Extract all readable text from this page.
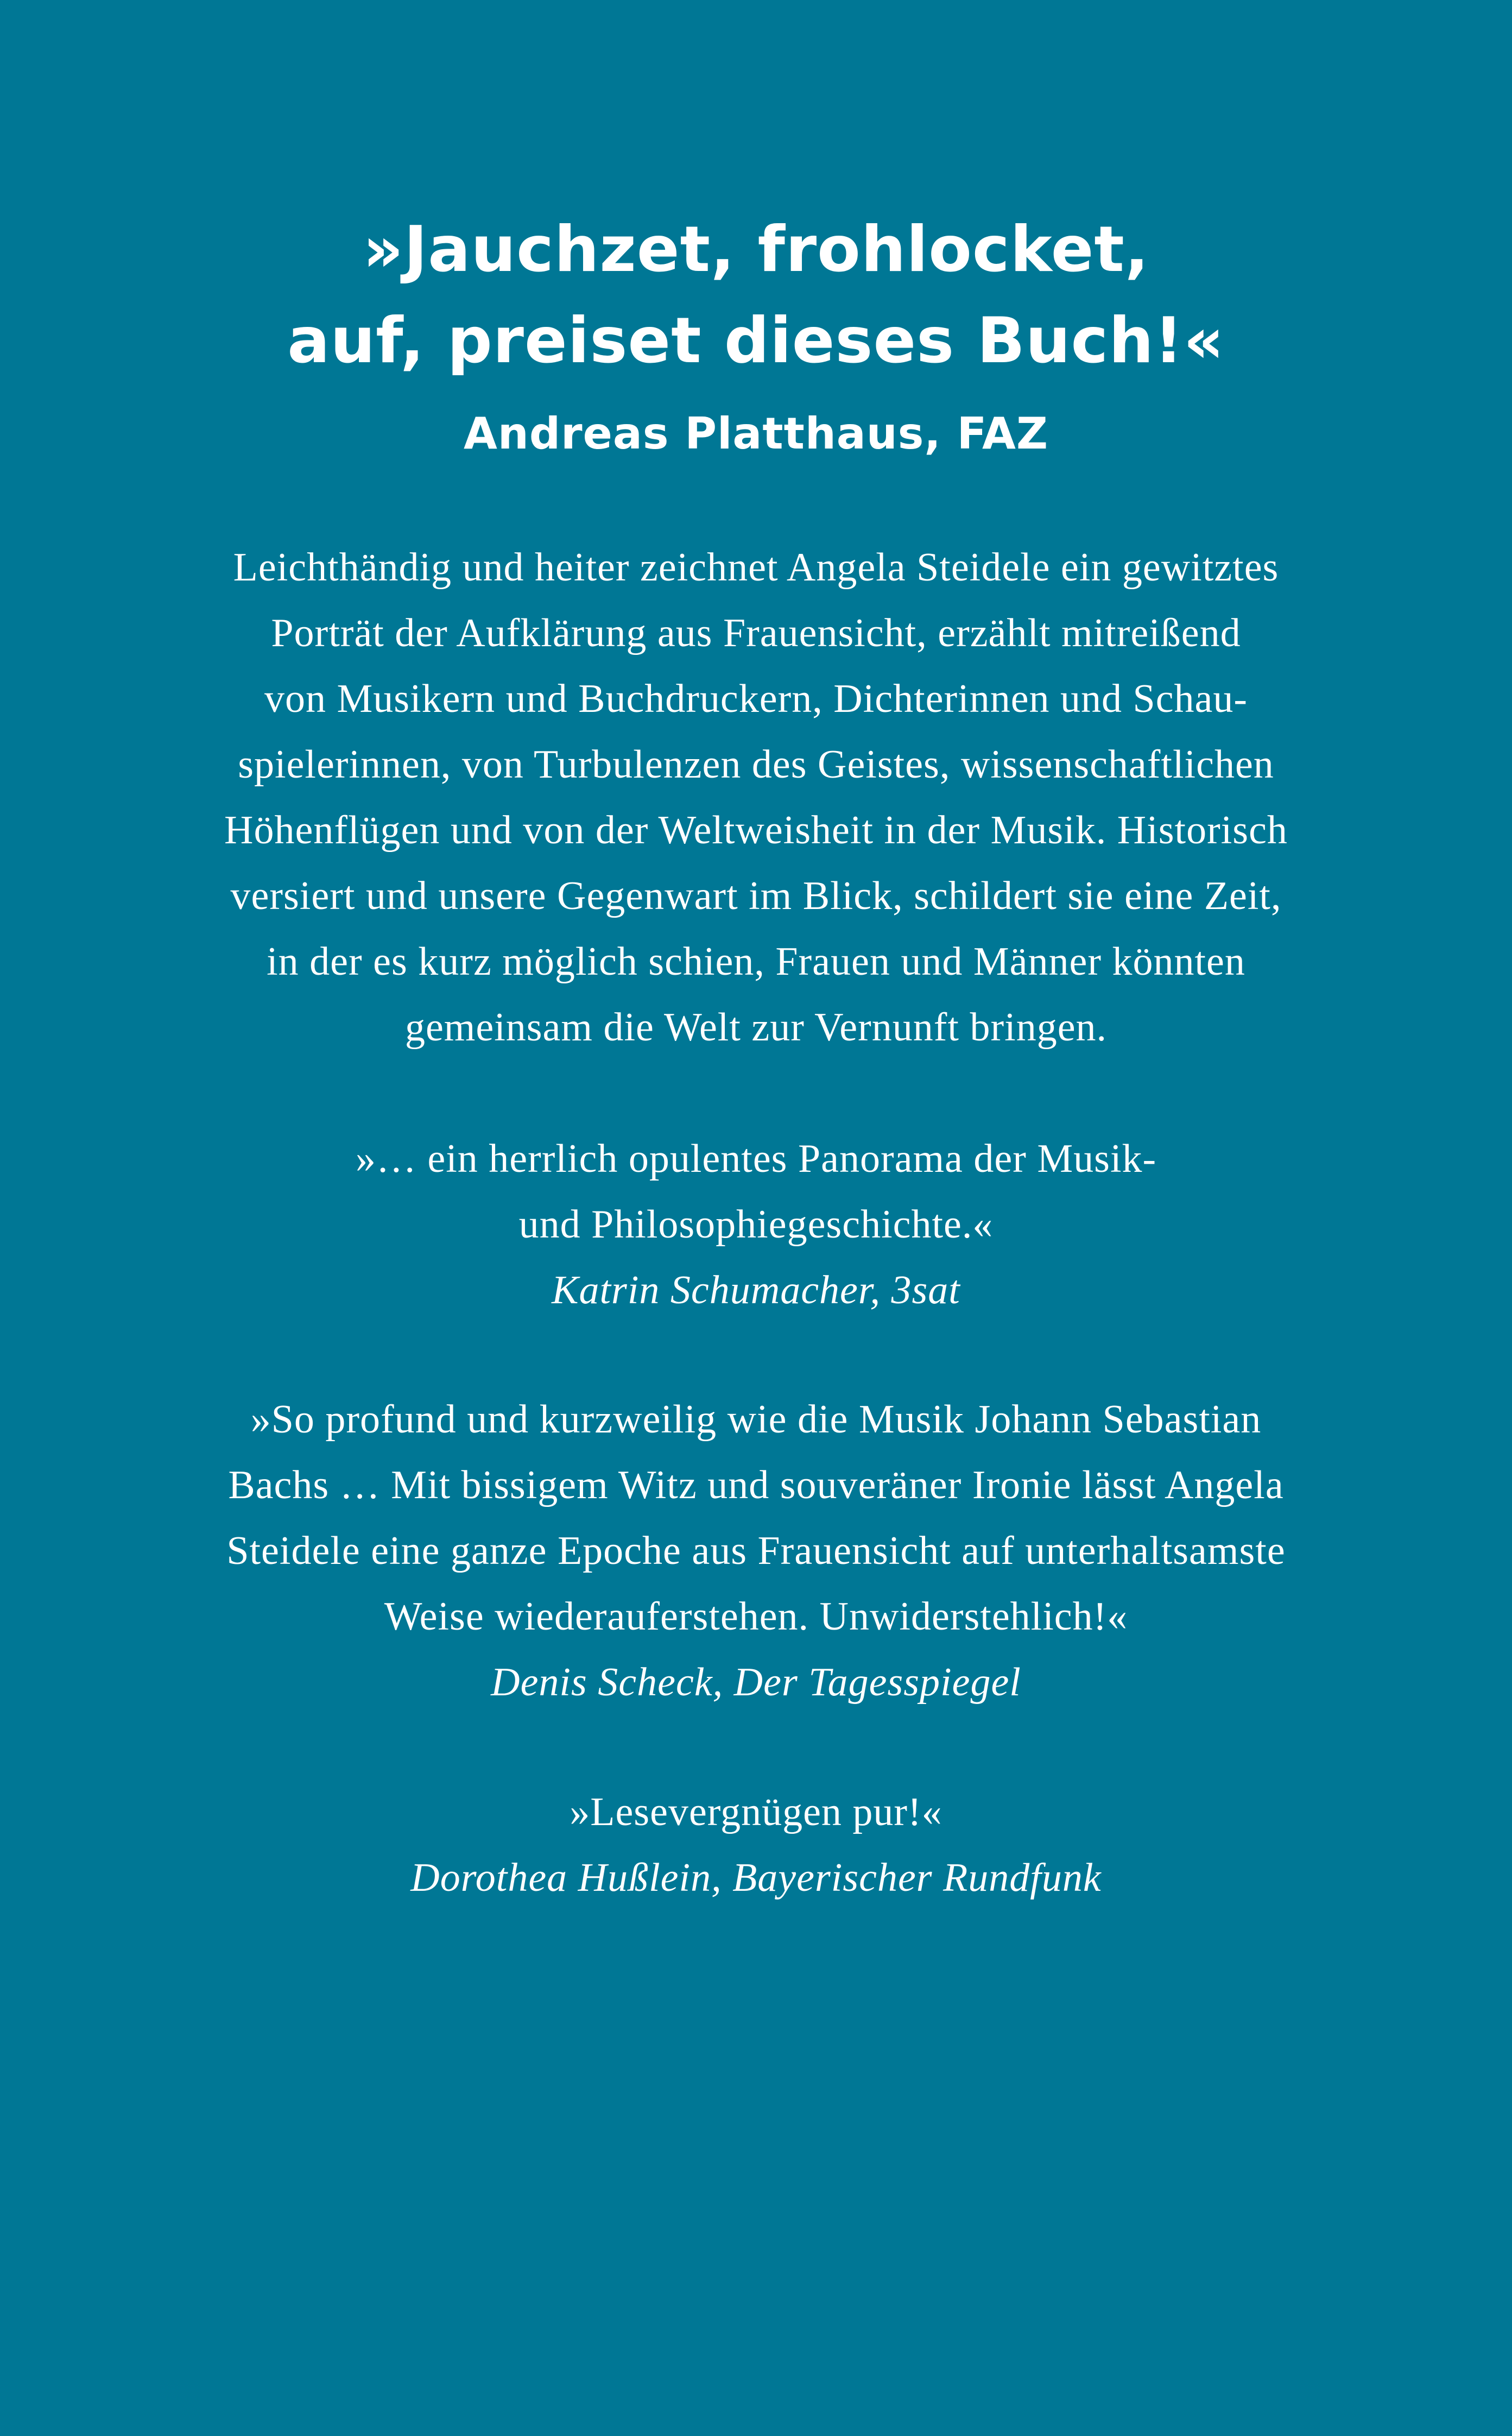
»Jauchzet, frohlocket,
auf, preiset dieses Buch!«
Andreas Platthaus, FAZ
Leichthändig und heiter zeichnet Angela Steidele ein gewitztes
Porträt der Aufklärung aus Frauensicht, erzählt mitreißend
von Musikern und Buchdruckern, Dichterinnen und Schau-
spielerinnen, von Turbulenzen des Geistes, wissenschaftlichen
Höhenflügen und von der Weltweisheit in der Musik. Historisch
versiert und unsere Gegenwart im Blick, schildert sie eine Zeit,
in der es kurz möglich schien, Frauen und Männer könnten
gemeinsam die Welt zur Vernunft bringen.
»… ein herrlich opulentes Panorama der Musik-
und Philosophiegeschichte.«
Katrin Schumacher, 3sat
»So profund und kurzweilig wie die Musik Johann Sebastian
Bachs … Mit bissigem Witz und souveräner Ironie lässt Angela
Steidele eine ganze Epoche aus Frauensicht auf unterhaltsamste
Weise wiederauferstehen. Unwiderstehlich!«
Denis Scheck, Der Tagesspiegel
»Lesevergnügen pur!«
Dorothea Hußlein, Bayerischer Rundfunk
